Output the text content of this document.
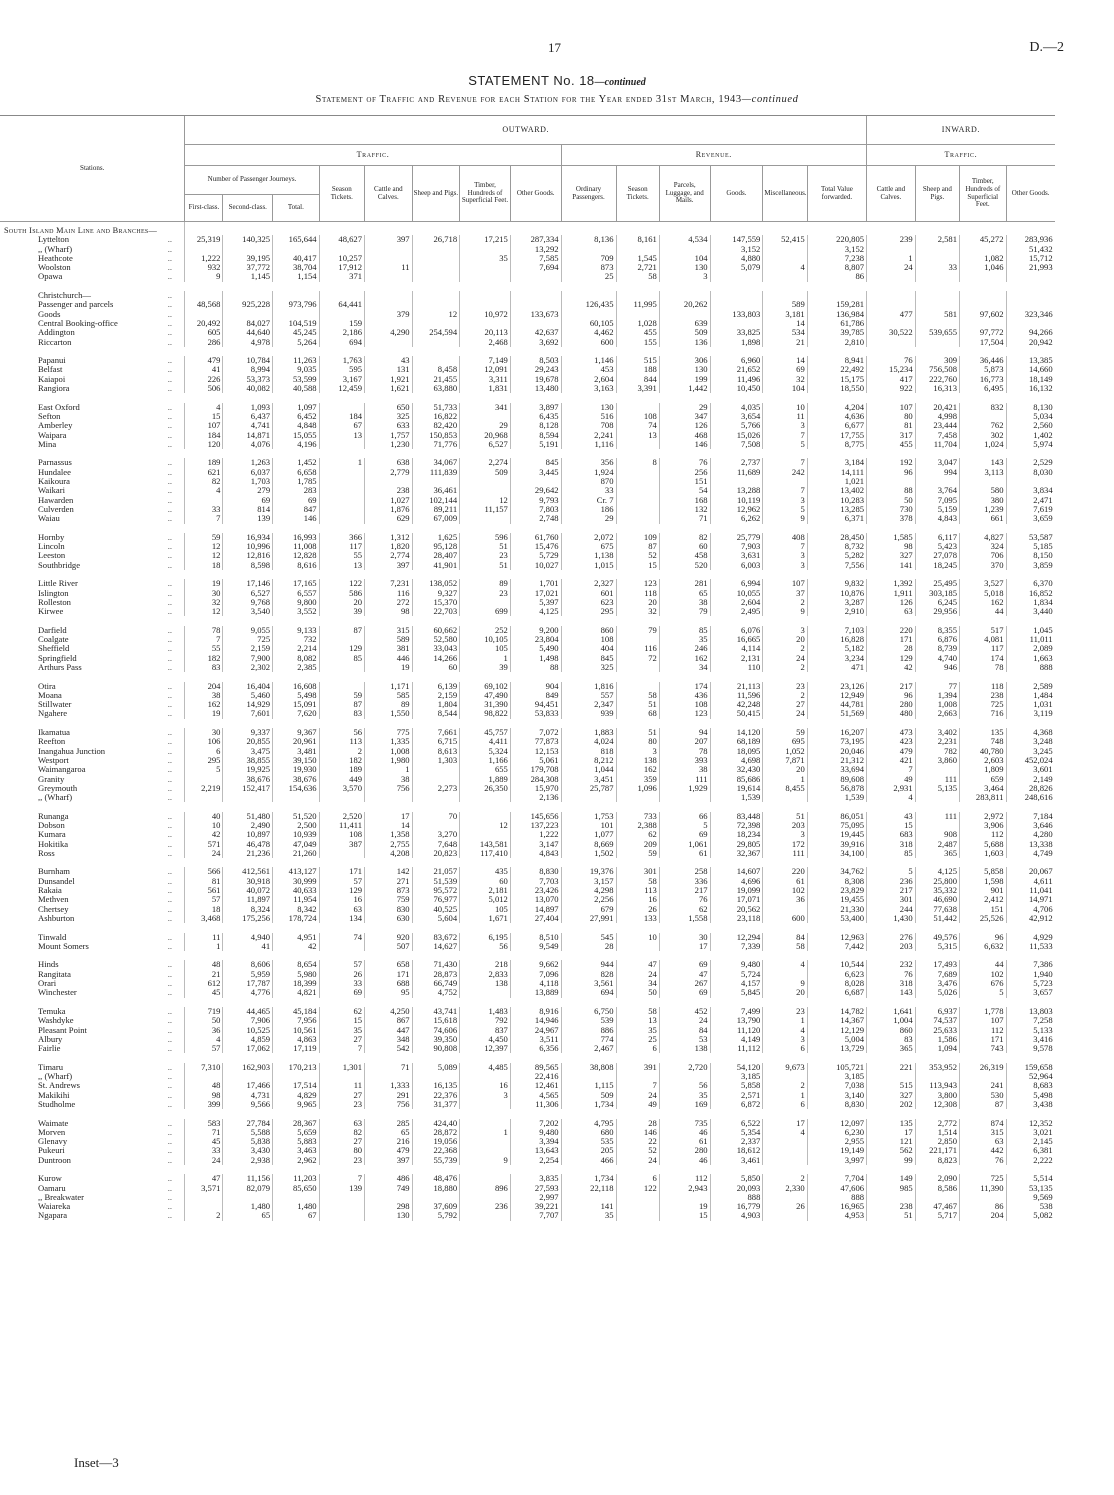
17	D.—2
STATEMENT No. 18—continued
Statement of Traffic and Revenue for each Station for the Year ended 31st March, 1943—continued
Stations.		OUTWARD.														INWARD.			
		Traffic.								Revenue.						Traffic.			
		Number of Passenger Journeys.			Season Tickets.	Cattle and Calves.	Sheep and Pigs.	Timber, Hundreds of Superficial Feet.	Other Goods.	Ordinary Passengers.	Season Tickets.	Parcels, Luggage, and Mails.	Goods.	Miscellaneous.	Total Value forwarded.	Cattle and Calves.	Sheep and Pigs.	Timber, Hundreds of Superficial Feet.	Other Goods.
		First-class.	Second-class.	Total.															
South Island Main Line and Branches—																			
Lyttelton	..	25,319	140,325	165,644	48,627	397	26,718	17,215	287,334	8,136	8,161	4,534	147,559	52,415	220,805	239	2,581	45,272	283,936
,, (Wharf)	..								13,292				3,152		3,152				51,432
Heathcote	..	1,222	39,195	40,417	10,257			35	7,585	709	1,545	104	4,880		7,238	1		1,082	15,712
Woolston	..	932	37,772	38,704	17,912	11			7,694	873	2,721	130	5,079	4	8,807	24	33	1,046	21,993
Opawa	..	9	1,145	1,154	371					25	58	3			86				

Christchurch—	..																		
Passenger and parcels	..	48,568	925,228	973,796	64,441					126,435	11,995	20,262		589	159,281				
Goods	..					379	12	10,972	133,673				133,803	3,181	136,984	477	581	97,602	323,346
Central Booking-office	..	20,492	84,027	104,519	159					60,105	1,028	639		14	61,786				
Addington	..	605	44,640	45,245	2,186	4,290	254,594	20,113	42,637	4,462	455	509	33,825	534	39,785	30,522	539,655	97,772	94,266
Riccarton	..	286	4,978	5,264	694			2,468	3,692	600	155	136	1,898	21	2,810			17,504	20,942

Papanui	..	479	10,784	11,263	1,763	43		7,149	8,503	1,146	515	306	6,960	14	8,941	76	309	36,446	13,385
Belfast	..	41	8,994	9,035	595	131	8,458	12,091	29,243	453	188	130	21,652	69	22,492	15,234	756,508	5,873	14,660
Kaiapoi	..	226	53,373	53,599	3,167	1,921	21,455	3,311	19,678	2,604	844	199	11,496	32	15,175	417	222,760	16,773	18,149
Rangiora	..	506	40,082	40,588	12,459	1,621	63,880	1,831	13,480	3,163	3,391	1,442	10,450	104	18,550	922	16,313	6,495	16,132

East Oxford	..	4	1,093	1,097		650	51,733	341	3,897	130		29	4,035	10	4,204	107	20,421	832	8,130
Sefton	..	15	6,437	6,452	184	325	16,822		6,435	516	108	347	3,654	11	4,636	80	4,998		5,034
Amberley	..	107	4,741	4,848	67	633	82,420	29	8,128	708	74	126	5,766	3	6,677	81	23,444	762	2,560
Waipara	..	184	14,871	15,055	13	1,757	150,853	20,968	8,594	2,241	13	468	15,026	7	17,755	317	7,458	302	1,402
Mina	..	120	4,076	4,196		1,230	71,776	6,527	5,191	1,116		146	7,508	5	8,775	455	11,704	1,024	5,974

Parnassus	..	189	1,263	1,452	1	638	34,067	2,274	845	356	8	76	2,737	7	3,184	192	3,047	143	2,529
Hundalee	..	621	6,037	6,658		2,779	111,839	509	3,445	1,924		256	11,689	242	14,111	96	994	3,113	8,030
Kaikoura	..	82	1,703	1,785						870		151			1,021				
Waikari	..	4	279	283		238	36,461		29,642	33		54	13,288	7	13,402	88	3,764	580	3,834
Hawarden	..		69	69		1,027	102,144	12	9,793	Cr. 7		168	10,119	3	10,283	50	7,095	380	2,471
Culverden	..	33	814	847		1,876	89,211	11,157	7,803	186		132	12,962	5	13,285	730	5,159	1,239	7,619
Waiau	..	7	139	146		629	67,009		2,748	29		71	6,262	9	6,371	378	4,843	661	3,659

Hornby	..	59	16,934	16,993	366	1,312	1,625	596	61,760	2,072	109	82	25,779	408	28,450	1,585	6,117	4,827	53,587
Lincoln	..	12	10,996	11,008	117	1,820	95,128	51	15,476	675	87	60	7,903	7	8,732	98	5,423	324	5,185
Leeston	..	12	12,816	12,828	55	2,774	28,407	23	5,729	1,138	52	458	3,631	3	5,282	327	27,078	706	8,150
Southbridge	..	18	8,598	8,616	13	397	41,901	51	10,027	1,015	15	520	6,003	3	7,556	141	18,245	370	3,859

Little River	..	19	17,146	17,165	122	7,231	138,052	89	1,701	2,327	123	281	6,994	107	9,832	1,392	25,495	3,527	6,370
Islington	..	30	6,527	6,557	586	116	9,327	23	17,021	601	118	65	10,055	37	10,876	1,911	303,185	5,018	16,852
Rolleston	..	32	9,768	9,800	20	272	15,370		5,397	623	20	38	2,604	2	3,287	126	6,245	162	1,834
Kirwee	..	12	3,540	3,552	39	98	22,703	699	4,125	295	32	79	2,495	9	2,910	63	29,956	44	3,440

Darfield	..	78	9,055	9,133	87	315	60,662	252	9,200	860	79	85	6,076	3	7,103	220	8,355	517	1,045
Coalgate	..	7	725	732		589	52,580	10,105	23,804	108		35	16,665	20	16,828	171	6,876	4,081	11,011
Sheffield	..	55	2,159	2,214	129	381	33,043	105	5,490	404	116	246	4,114	2	5,182	28	8,739	117	2,089
Springfield	..	182	7,900	8,082	85	446	14,266	1	1,498	845	72	162	2,131	24	3,234	129	4,740	174	1,663
Arthurs Pass	..	83	2,302	2,385		19	60	39	88	325		34	110	2	471	42	946	78	888

Otira	..	204	16,404	16,608		1,171	6,139	69,102	904	1,816		174	21,113	23	23,126	217	77	118	2,589
Moana	..	38	5,460	5,498	59	585	2,159	47,490	849	557	58	436	11,596	2	12,949	96	1,394	238	1,484
Stillwater	..	162	14,929	15,091	87	89	1,804	31,390	94,451	2,347	51	108	42,248	27	44,781	280	1,008	725	1,031
Ngahere	..	19	7,601	7,620	83	1,550	8,544	98,822	53,833	939	68	123	50,415	24	51,569	480	2,663	716	3,119

Ikamatua	..	30	9,337	9,367	56	775	7,661	45,757	7,072	1,883	51	94	14,120	59	16,207	473	3,402	135	4,368
Reefton	..	106	20,855	20,961	113	1,335	6,715	4,411	77,873	4,024	80	207	68,189	695	73,195	423	2,231	748	3,248
Inangahua Junction	..	6	3,475	3,481	2	1,008	8,613	5,324	12,153	818	3	78	18,095	1,052	20,046	479	782	40,780	3,245
Westport	..	295	38,855	39,150	182	1,980	1,303	1,166	5,061	8,212	138	393	4,698	7,871	21,312	421	3,860	2,603	452,024
Waimangaroa	..	5	19,925	19,930	189	1		655	179,708	1,044	162	38	32,430	20	33,694	7		1,809	3,601
Granity	..		38,676	38,676	449	38		1,889	284,308	3,451	359	111	85,686	1	89,608	49	111	659	2,149
Greymouth	..	2,219	152,417	154,636	3,570	756	2,273	26,350	15,970	25,787	1,096	1,929	19,614	8,455	56,878	2,931	5,135	3,464	28,826
,, (Wharf)	..								2,136				1,539		1,539	4		283,811	248,616

Runanga	..	40	51,480	51,520	2,520	17	70		145,656	1,753	733	66	83,448	51	86,051	43	111	2,972	7,184
Dobson	..	10	2,490	2,500	11,411	14		12	137,223	101	2,388	5	72,398	203	75,095	15		3,906	3,646
Kumara	..	42	10,897	10,939	108	1,358	3,270		1,222	1,077	62	69	18,234	3	19,445	683	908	112	4,280
Hokitika	..	571	46,478	47,049	387	2,755	7,648	143,581	3,147	8,669	209	1,061	29,805	172	39,916	318	2,487	5,688	13,338
Ross	..	24	21,236	21,260		4,208	20,823	117,410	4,843	1,502	59	61	32,367	111	34,100	85	365	1,603	4,749

Burnham	..	566	412,561	413,127	171	142	21,057	435	8,830	19,376	301	258	14,607	220	34,762	5	4,125	5,858	20,067
Dunsandel	..	81	30,918	30,999	57	271	51,539	60	7,703	3,157	58	336	4,696	61	8,308	236	25,800	1,598	4,611
Rakaia	..	561	40,072	40,633	129	873	95,572	2,181	23,426	4,298	113	217	19,099	102	23,829	217	35,332	901	11,041
Methven	..	57	11,897	11,954	16	759	76,977	5,012	13,070	2,256	16	76	17,071	36	19,455	301	46,690	2,412	14,971
Chertsey	..	18	8,324	8,342	63	830	40,525	105	14,897	679	26	62	20,562		21,330	244	77,638	151	4,706
Ashburton	..	3,468	175,256	178,724	134	630	5,604	1,671	27,404	27,991	133	1,558	23,118	600	53,400	1,430	51,442	25,526	42,912

Tinwald	..	11	4,940	4,951	74	920	83,672	6,195	8,510	545	10	30	12,294	84	12,963	276	49,576	96	4,929
Mount Somers	..	1	41	42		507	14,627	56	9,549	28		17	7,339	58	7,442	203	5,315	6,632	11,533

Hinds	..	48	8,606	8,654	57	658	71,430	218	9,662	944	47	69	9,480	4	10,544	232	17,493	44	7,386
Rangitata	..	21	5,959	5,980	26	171	28,873	2,833	7,096	828	24	47	5,724		6,623	76	7,689	102	1,940
Orari	..	612	17,787	18,399	33	688	66,749	138	4,118	3,561	34	267	4,157	9	8,028	318	3,476	676	5,723
Winchester	..	45	4,776	4,821	69	95	4,752		13,889	694	50	69	5,845	20	6,687	143	5,026	5	3,657

Temuka	..	719	44,465	45,184	62	4,250	43,741	1,483	8,916	6,750	58	452	7,499	23	14,782	1,641	6,937	1,778	13,803
Washdyke	..	50	7,906	7,956	15	867	15,618	792	14,946	539	13	24	13,790	1	14,367	1,004	74,537	107	7,258
Pleasant Point	..	36	10,525	10,561	35	447	74,606	837	24,967	886	35	84	11,120	4	12,129	860	25,633	112	5,133
Albury	..	4	4,859	4,863	27	348	39,350	4,450	3,511	774	25	53	4,149	3	5,004	83	1,586	171	3,416
Fairlie	..	57	17,062	17,119	7	542	90,808	12,397	6,356	2,467	6	138	11,112	6	13,729	365	1,094	743	9,578

Timaru	..	7,310	162,903	170,213	1,301	71	5,089	4,485	89,565	38,808	391	2,720	54,120	9,673	105,721	221	353,952	26,319	159,658
,, (Wharf)	..								22,416				3,185		3,185				52,964
St. Andrews	..	48	17,466	17,514	11	1,333	16,135	16	12,461	1,115	7	56	5,858	2	7,038	515	113,943	241	8,683
Makikihi	..	98	4,731	4,829	27	291	22,376	3	4,565	509	24	35	2,571	1	3,140	327	3,800	530	5,498
Studholme	..	399	9,566	9,965	23	756	31,377		11,306	1,734	49	169	6,872	6	8,830	202	12,308	87	3,438

Waimate	..	583	27,784	28,367	63	285	424,40		7,202	4,795	28	735	6,522	17	12,097	135	2,772	874	12,352
Morven	..	71	5,588	5,659	82	65	28,872	1	9,480	680	146	46	5,354	4	6,230	17	1,514	315	3,021
Glenavy	..	45	5,838	5,883	27	216	19,056		3,394	535	22	61	2,337		2,955	121	2,850	63	2,145
Pukeuri	..	33	3,430	3,463	80	479	22,368		13,643	205	52	280	18,612		19,149	562	221,171	442	6,381
Duntroon	..	24	2,938	2,962	23	397	55,739	9	2,254	466	24	46	3,461		3,997	99	8,823	76	2,222

Kurow	..	47	11,156	11,203	7	486	48,476		3,835	1,734	6	112	5,850	2	7,704	149	2,090	725	5,514
Oamaru	..	3,571	82,079	85,650	139	749	18,880	896	27,593	22,118	122	2,943	20,093	2,330	47,606	985	8,586	11,390	53,135
,, Breakwater	..								2,997				888		888				9,569
Waiareka	..		1,480	1,480		298	37,609	236	39,221	141		19	16,779	26	16,965	238	47,467	86	538
Ngapara	..	2	65	67		130	5,792		7,707	35		15	4,903		4,953	51	5,717	204	5,082
Inset—3
